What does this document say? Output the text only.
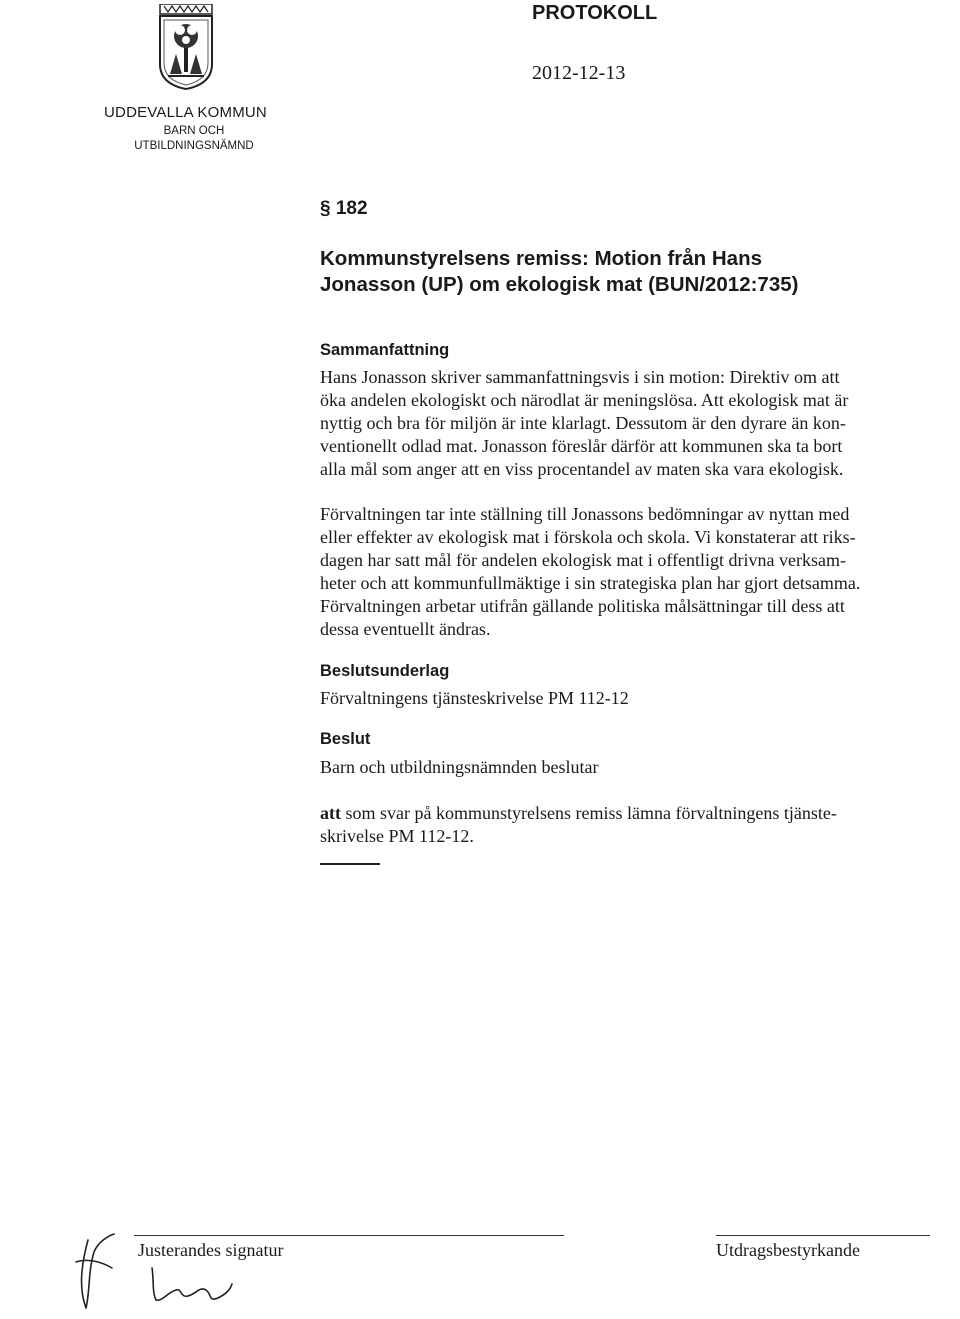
PROTOKOLL
2012-12-13
UDDEVALLA KOMMUN
BARN OCH
UTBILDNINGSNÄMND
§ 182
Kommunstyrelsens remiss: Motion från Hans
Jonasson (UP) om ekologisk mat (BUN/2012:735)
Sammanfattning

Hans Jonasson skriver sammanfattningsvis i sin motion: Direktiv om att
öka andelen ekologiskt och närodlat är meningslösa. Att ekologisk mat är
nyttig och bra för miljön är inte klarlagt. Dessutom är den dyrare än kon-
ventionellt odlad mat. Jonasson föreslår därför att kommunen ska ta bort
alla mål som anger att en viss procentandel av maten ska vara ekologisk.

Förvaltningen tar inte ställning till Jonassons bedömningar av nyttan med
eller effekter av ekologisk mat i förskola och skola. Vi konstaterar att riks-
dagen har satt mål för andelen ekologisk mat i offentligt drivna verksam-
heter och att kommunfullmäktige i sin strategiska plan har gjort detsamma.
Förvaltningen arbetar utifrån gällande politiska målsättningar till dess att
dessa eventuellt ändras.

Beslutsunderlag

Förvaltningens tjänsteskrivelse PM 112-12

Beslut

Barn och utbildningsnämnden beslutar

att som svar på kommunstyrelsens remiss lämna förvaltningens tjänste-
skrivelse PM 112-12.

Justerandes signatur	Utdragsbestyrkande
